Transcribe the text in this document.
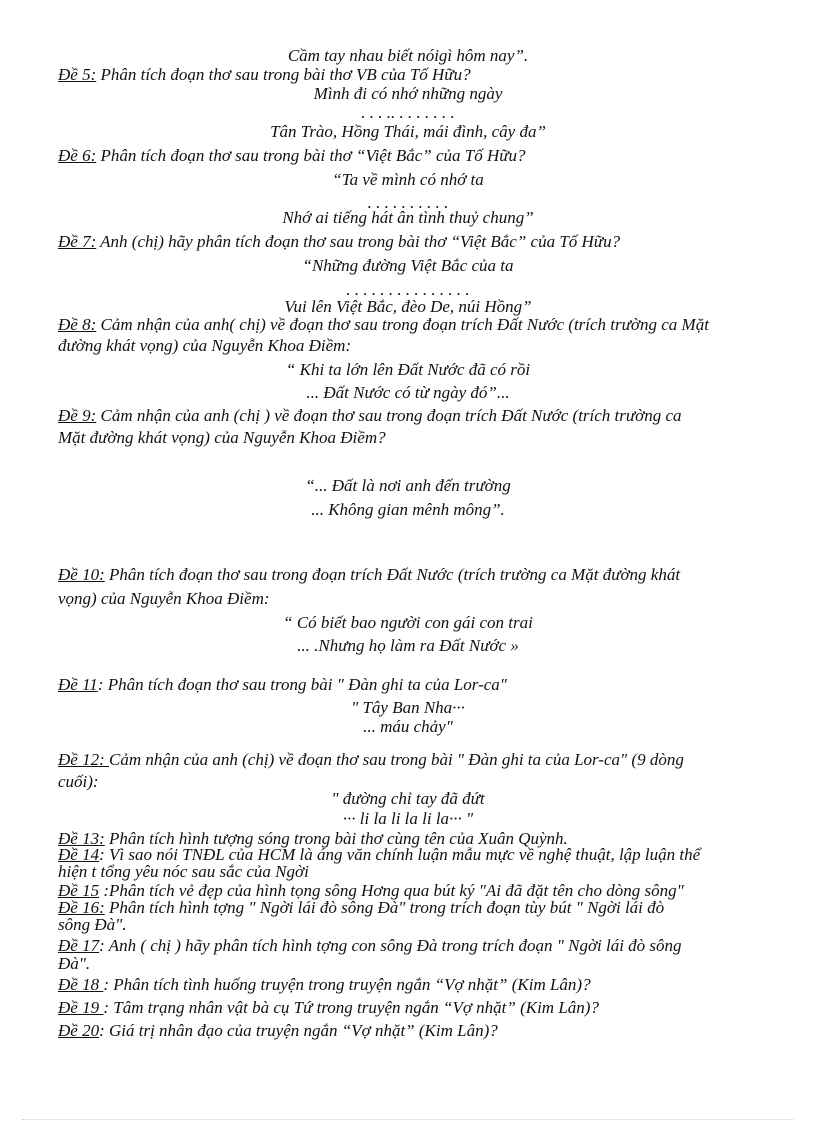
Cầm tay nhau biết nóigì hôm nay”.
Đề 5: Phân tích đoạn thơ sau trong bài thơ VB của Tố Hữu?
Mình đi có nhớ những ngày
. . . .. . . . . . . .
Tân Trào, Hồng Thái, mái đình, cây đa”
Đề 6: Phân tích đoạn thơ sau trong bài thơ “Việt Bắc” của Tố Hữu?
“Ta về mình có nhớ ta
. . . . . . . . . .
Nhớ ai tiếng hát ân tình thuỷ chung”
Đề 7: Anh (chị) hãy phân tích đoạn thơ sau trong bài thơ “Việt Bắc” của Tố Hữu?
“Những đường Việt Bắc của ta
. . . . . . . . . . . . . . .
Vui lên Việt Bắc, đèo De, núi Hồng”
Đề 8: Cảm nhận của anh( chị) về đoạn thơ sau trong đoạn trích Đất Nước (trích trường ca Mặt
đường khát vọng) của Nguyễn Khoa Điềm:
“ Khi ta lớn lên Đất Nước đã có rồi
... Đất Nước có từ ngày đó”...
Đề 9: Cảm nhận của anh (chị ) về đoạn thơ sau trong đoạn trích Đất Nước (trích trường ca
Mặt đường khát vọng) của Nguyễn Khoa Điềm?
“... Đất là nơi anh đến trường
... Không gian mênh mông”.
Đề 10: Phân tích đoạn thơ sau trong đoạn trích Đất Nước (trích trường ca Mặt đường khát
vọng) của Nguyễn Khoa Điềm:
“ Có biết bao người con gái con trai
... .Nhưng họ làm ra Đất Nước »
Đề 11: Phân tích đoạn thơ sau trong bài " Đàn ghi ta của Lor-ca"
" Tây Ban Nha···
... máu chảy"
Đề 12: Cảm nhận của anh (chị) về đoạn thơ sau trong bài " Đàn ghi ta của Lor-ca" (9 dòng
cuối):
" đường chỉ tay đã đứt
··· li la li la li la··· "
Đề 13: Phân tích hình tượng sóng trong bài thơ cùng tên của Xuân Quỳnh.
Đề 14: Vì sao nói TNĐL của HCM là áng văn chính luận mẫu mực về nghệ thuật, lập luận thể
hiện t tổng yêu nóc sau sắc của Ngời
Đề 15 :Phân tích vẻ đẹp của hình tọng sông Hơng qua bút ký "Ai đã đặt tên cho dòng sông"
Đề 16: Phân tích hình tợng " Ngời lái đò sông Đà" trong trích đoạn tùy bút " Ngời lái đò
sông Đà".
Đề 17: Anh ( chị ) hãy phân tích hình tợng con sông Đà trong trích đoạn " Ngời lái đò sông
Đà".
Đề 18 : Phân tích tình huống truyện trong truyện ngắn “Vợ nhặt” (Kim Lân)?
Đề 19 : Tâm trạng nhân vật bà cụ Tứ trong truyện ngắn “Vợ nhặt” (Kim Lân)?
Đề 20: Giá trị nhân đạo của truyện ngắn “Vợ nhặt” (Kim Lân)?
